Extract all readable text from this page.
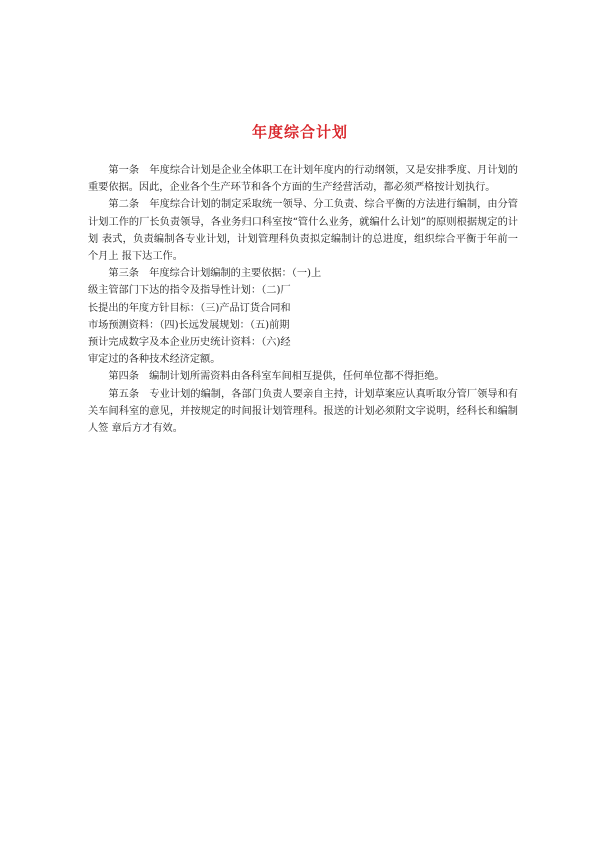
年度综合计划

第一条　年度综合计划是企业全体职工在计划年度内的行动纲领，又是安排季度、月计划的重要依据。因此，企业各个生产环节和各个方面的生产经营活动，都必须严格按计划执行。

第二条　年度综合计划的制定采取统一领导、分工负责、综合平衡的方法进行编制，由分管计划工作的厂长负责领导，各业务归口科室按“管什么业务，就编什么计划”的原则根据规定的计划 表式，负责编制各专业计划，计划管理科负责拟定编制计的总进度，组织综合平衡于年前一个月上 报下达工作。

第三条　年度综合计划编制的主要依据：（一)上
级主管部门下达的指令及指导性计划：（二)厂
长提出的年度方针目标：（三)产品订货合同和
市场预测资料：（四)长远发展规划：（五)前期
预计完成数字及本企业历史统计资料：（六)经
审定过的各种技术经济定额。

第四条　编制计划所需资料由各科室车间相互提供，任何单位都不得拒绝。

第五条　专业计划的编制，各部门负责人要亲自主持，计划草案应认真听取分管厂领导和有关车间科室的意见，并按规定的时间报计划管理科。报送的计划必须附文字说明，经科长和编制人签 章后方才有效。
